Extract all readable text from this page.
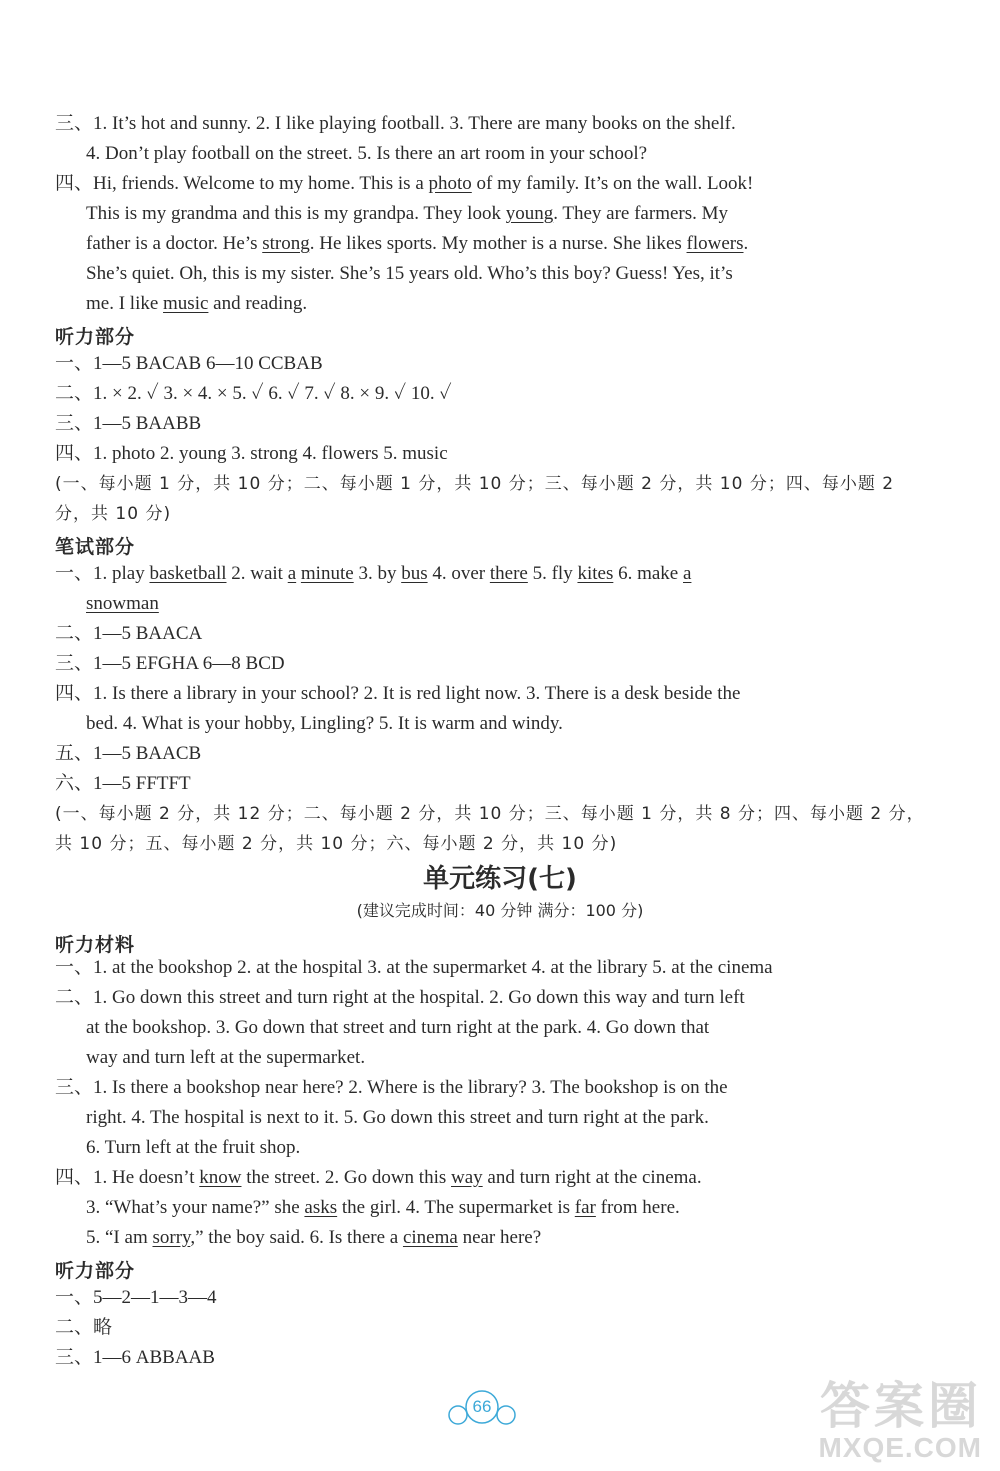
三、1. It’s hot and sunny. 2. I like playing football. 3. There are many books on the shelf.
4. Don’t play football on the street. 5. Is there an art room in your school?
四、Hi, friends. Welcome to my home. This is a photo of my family. It’s on the wall. Look!
This is my grandma and this is my grandpa. They look young. They are farmers. My
father is a doctor. He’s strong. He likes sports. My mother is a nurse. She likes flowers.
She’s quiet. Oh, this is my sister. She’s 15 years old. Who’s this boy? Guess! Yes, it’s
me. I like music and reading.
听力部分
一、1—5 BACAB 6—10 CCBAB
二、1. × 2. ✓ 3. × 4. × 5. ✓ 6. ✓ 7. ✓ 8. × 9. ✓ 10. ✓
三、1—5 BAABB
四、1. photo 2. young 3. strong 4. flowers 5. music
(一、每小题 1 分，共 10 分；二、每小题 1 分，共 10 分；三、每小题 2 分，共 10 分；四、每小题 2
分，共 10 分)
笔试部分
一、1. play basketball 2. wait a minute 3. by bus 4. over there 5. fly kites 6. make a
snowman
二、1—5 BAACA
三、1—5 EFGHA 6—8 BCD
四、1. Is there a library in your school? 2. It is red light now. 3. There is a desk beside the
bed. 4. What is your hobby, Lingling? 5. It is warm and windy.
五、1—5 BAACB
六、1—5 FFTFT
(一、每小题 2 分，共 12 分；二、每小题 2 分，共 10 分；三、每小题 1 分，共 8 分；四、每小题 2 分，
共 10 分；五、每小题 2 分，共 10 分；六、每小题 2 分，共 10 分)
单元练习(七)
(建议完成时间：40 分钟 满分：100 分)
听力材料
一、1. at the bookshop 2. at the hospital 3. at the supermarket 4. at the library 5. at the cinema
二、1. Go down this street and turn right at the hospital. 2. Go down this way and turn left
at the bookshop. 3. Go down that street and turn right at the park. 4. Go down that
way and turn left at the supermarket.
三、1. Is there a bookshop near here? 2. Where is the library? 3. The bookshop is on the
right. 4. The hospital is next to it. 5. Go down this street and turn right at the park.
6. Turn left at the fruit shop.
四、1. He doesn’t know the street. 2. Go down this way and turn right at the cinema.
3. “What’s your name?” she asks the girl. 4. The supermarket is far from here.
5. “I am sorry,” the boy said. 6. Is there a cinema near here?
听力部分
一、5—2—1—3—4
二、略
三、1—6 ABBAAB
66	答案圈
MXQE.COM
